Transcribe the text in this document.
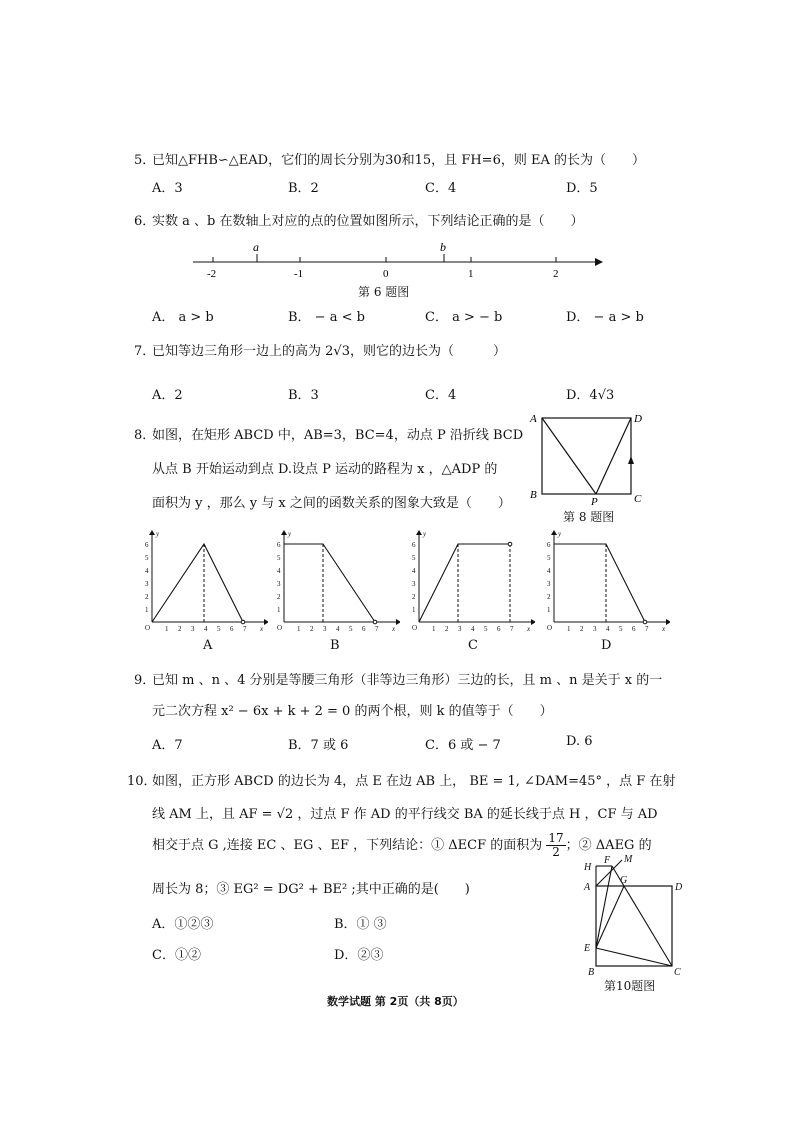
5．
已知△FHB∽△EAD，它们的周长分别为30和15，且 FH=6，则 EA 的长为（　　）
A．3	B．2	C．4	D．5
6．
实数 a 、b 在数轴上对应的点的位置如图所示，下列结论正确的是（　　）
-2	-1	0	1	2
a	b
第 6 题图
A． a > b	B． − a < b	C． a > − b	D． − a > b
7．
已知等边三角形一边上的高为 2√3，则它的边长为（　　　）
A．2	B．3	C．4	D．4√3
8．
如图，在矩形 ABCD 中，AB=3，BC=4，动点 P 沿折线 BCD
从点 B 开始运动到点 D.设点 P 运动的路程为 x ，△ADP 的
面积为 y ，那么 y 与 x 之间的函数关系的图象大致是（　　）
A	D
B	C
P
第 8 题图
O 1 2 3 4 5 6 7
1
2
3
4
5
6
y
x
A
O 1 2 3 4 5 6 7
1
2
3
4
5
6
y
x
B
O 1 2 3 4 5 6 7
1
2
3
4
5
6
y
x
C
O 1 2 3 4 5 6 7
1
2
3
4
5
6
y
x
D
9．
已知 m 、n 、4 分别是等腰三角形（非等边三角形）三边的长，且 m 、n 是关于 x 的一
元二次方程 x² − 6x + k + 2 = 0 的两个根，则 k 的值等于（　　）
A．7	B．7 或 6	C．6 或 − 7	D. 6
10．
如图，正方形 ABCD 的边长为 4，点 E 在边 AB 上， BE = 1, ∠DAM=45° ，点 F 在射
线 AM 上，且 AF = √2 ，过点 F 作 AD 的平行线交 BA 的延长线于点 H ，CF 与 AD
相交于点 G ,连接 EC 、EG 、EF ，下列结论：① ΔECF 的面积为 $\frac{17}{2}$ ；② ΔAEG 的
周长为 8；③ EG² = DG² + BE² ;其中正确的是(　　)
A．①②③	B．① ③
C．①②	D．②③
H
F M
A
G
D
E
B	C
第10题图
数学试题 第 2页（共 8页）
